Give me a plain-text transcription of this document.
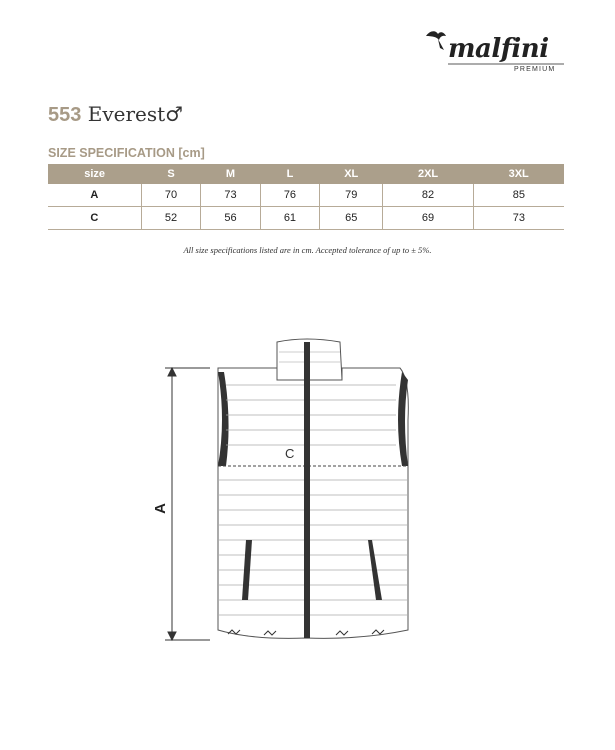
malfini
PREMIUM
553 Everest♂
SIZE SPECIFICATION [cm]
size	S	M	L	XL	2XL	3XL
A	70	73	76	79	82	85
C	52	56	61	65	69	73
All size specifications listed are in cm. Accepted tolerance of up to ± 5%.
A
C
